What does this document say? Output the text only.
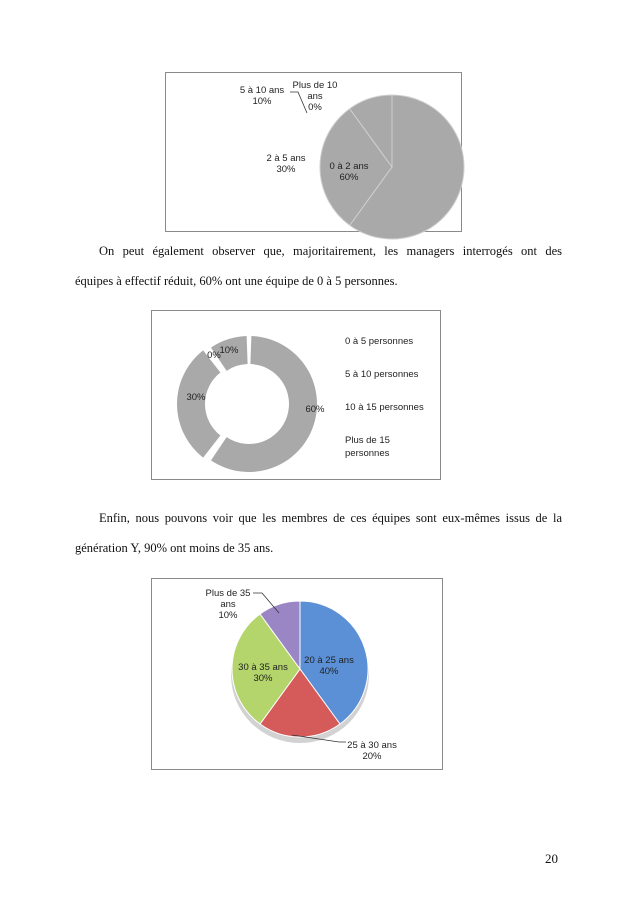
0 à 2 ans 60%
2 à 5 ans 30%
5 à 10 ans 10%
Plus de 10 ans 0%

On peut également observer que, majoritairement, les managers interrogés ont des
équipes à effectif réduit, 60% ont une équipe de 0 à 5 personnes.

60%
30%
10%
0%
0 à 5 personnes
5 à 10 personnes
10 à 15 personnes
Plus de 15
personnes

Enfin, nous pouvons voir que les membres de ces équipes sont eux-mêmes issus de la
génération Y, 90% ont moins de 35 ans.

20 à 25 ans 40%
25 à 30 ans 20%
30 à 35 ans 30%
Plus de 35 ans 10%
20
